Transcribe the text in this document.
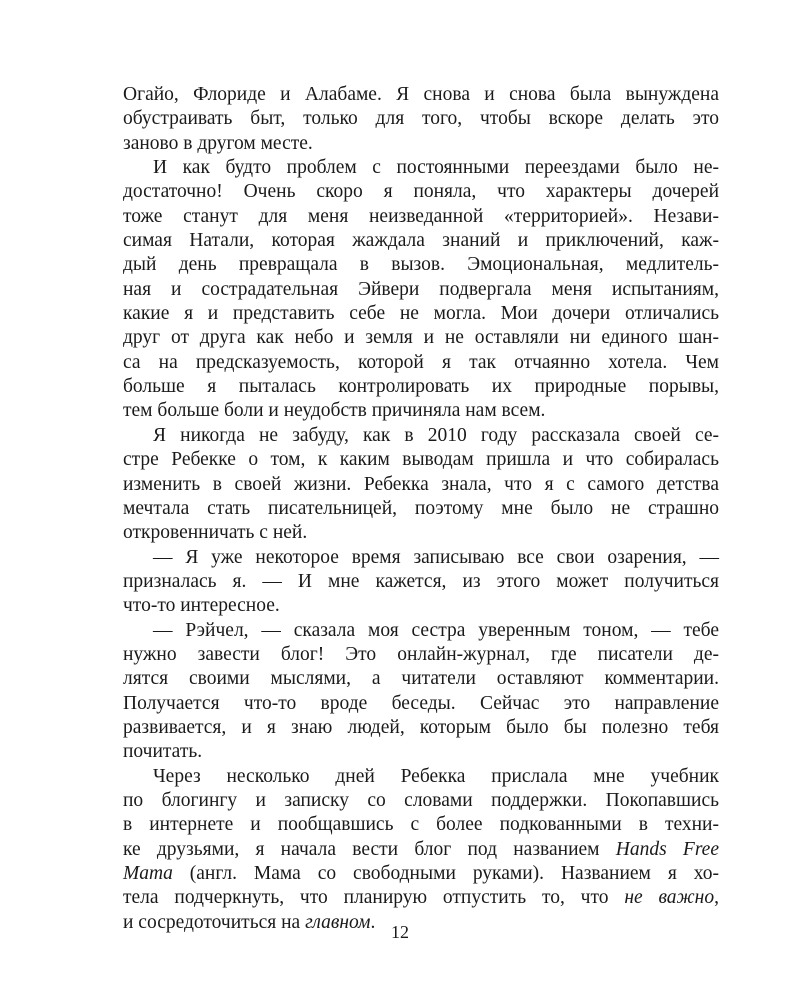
Огайо, Флориде и Алабаме. Я снова и снова была вынуждена
обустраивать быт, только для того, чтобы вскоре делать это
заново в другом месте.
И как будто проблем с постоянными переездами было не-
достаточно! Очень скоро я поняла, что характеры дочерей
тоже станут для меня неизведанной «территорией». Незави-
симая Натали, которая жаждала знаний и приключений, каж-
дый день превращала в вызов. Эмоциональная, медлитель-
ная и сострадательная Эйвери подвергала меня испытаниям,
какие я и представить себе не могла. Мои дочери отличались
друг от друга как небо и земля и не оставляли ни единого шан-
са на предсказуемость, которой я так отчаянно хотела. Чем
больше я пыталась контролировать их природные порывы,
тем больше боли и неудобств причиняла нам всем.
Я никогда не забуду, как в 2010 году рассказала своей се-
стре Ребекке о том, к каким выводам пришла и что собиралась
изменить в своей жизни. Ребекка знала, что я с самого детства
мечтала стать писательницей, поэтому мне было не страшно
откровенничать с ней.
— Я уже некоторое время записываю все свои озарения, —
призналась я. — И мне кажется, из этого может получиться
что-то интересное.
— Рэйчел, — сказала моя сестра уверенным тоном, — тебе
нужно завести блог! Это онлайн-журнал, где писатели де-
лятся своими мыслями, а читатели оставляют комментарии.
Получается что-то вроде беседы. Сейчас это направление
развивается, и я знаю людей, которым было бы полезно тебя
почитать.
Через несколько дней Ребекка прислала мне учебник
по блогингу и записку со словами поддержки. Покопавшись
в интернете и пообщавшись с более подкованными в техни-
ке друзьями, я начала вести блог под названием Hands Free
Mama (англ. Мама со свободными руками). Названием я хо-
тела подчеркнуть, что планирую отпустить то, что не важно,
и сосредоточиться на главном. 12
